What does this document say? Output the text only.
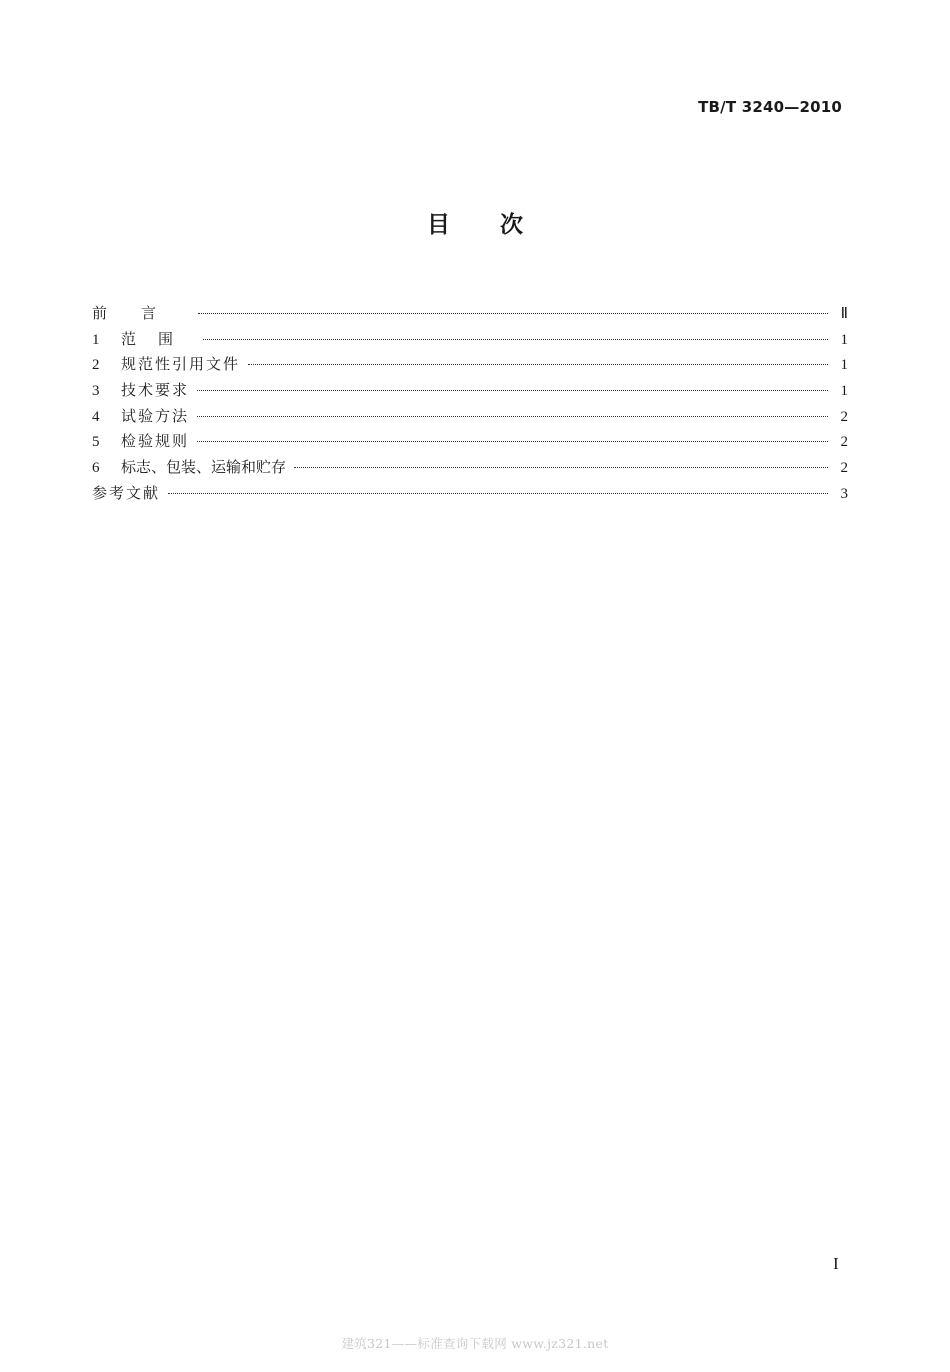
TB/T 3240—2010
目次
前言	Ⅱ
1	范围	1
2	规范性引用文件	1
3	技术要求	1
4	试验方法	2
5	检验规则	2
6	标志、包装、运输和贮存	2
参考文献	3
I
建筑321——标准查询下载网 www.jz321.net
